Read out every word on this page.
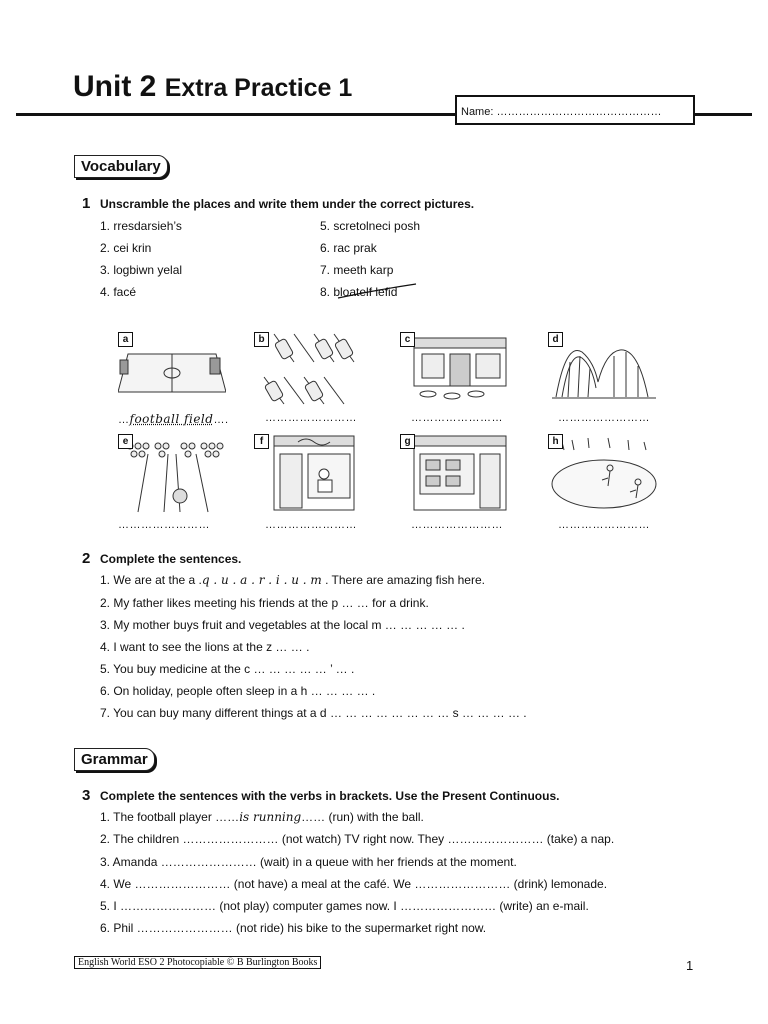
Unit 2 Extra Practice 1
Name: ………………………………………
Vocabulary
1 Unscramble the places and write them under the correct pictures.
1. rresdarsieh’s
2. cei krin
3. logbiwn yelal
4. facé
5. scretolneci posh
6. rac prak
7. meeth karp
8. bloatelf lefid
a
…football field….
b
……………………
c
……………………
d
……………………
e
……………………
f
……………………
g
……………………
h
……………………
2 Complete the sentences.
1. We are at the a .q . u . a . r . i . u . m . There are amazing fish here.
2. My father likes meeting his friends at the p … … for a drink.
3. My mother buys fruit and vegetables at the local m … … … … … .
4. I want to see the lions at the z … … .
5. You buy medicine at the c … … … … … ’ … .
6. On holiday, people often sleep in a h … … … … .
7. You can buy many different things at a d … … … … … … … … s … … … … .
Grammar
3 Complete the sentences with the verbs in brackets. Use the Present Continuous.
1. The football player ……is running…… (run) with the ball.
2. The children …………………… (not watch) TV right now. They …………………… (take) a nap.
3. Amanda …………………… (wait) in a queue with her friends at the moment.
4. We …………………… (not have) a meal at the café. We …………………… (drink) lemonade.
5. I …………………… (not play) computer games now. I …………………… (write) an e-mail.
6. Phil …………………… (not ride) his bike to the supermarket right now.
English World ESO 2 Photocopiable © B Burlington Books	1
